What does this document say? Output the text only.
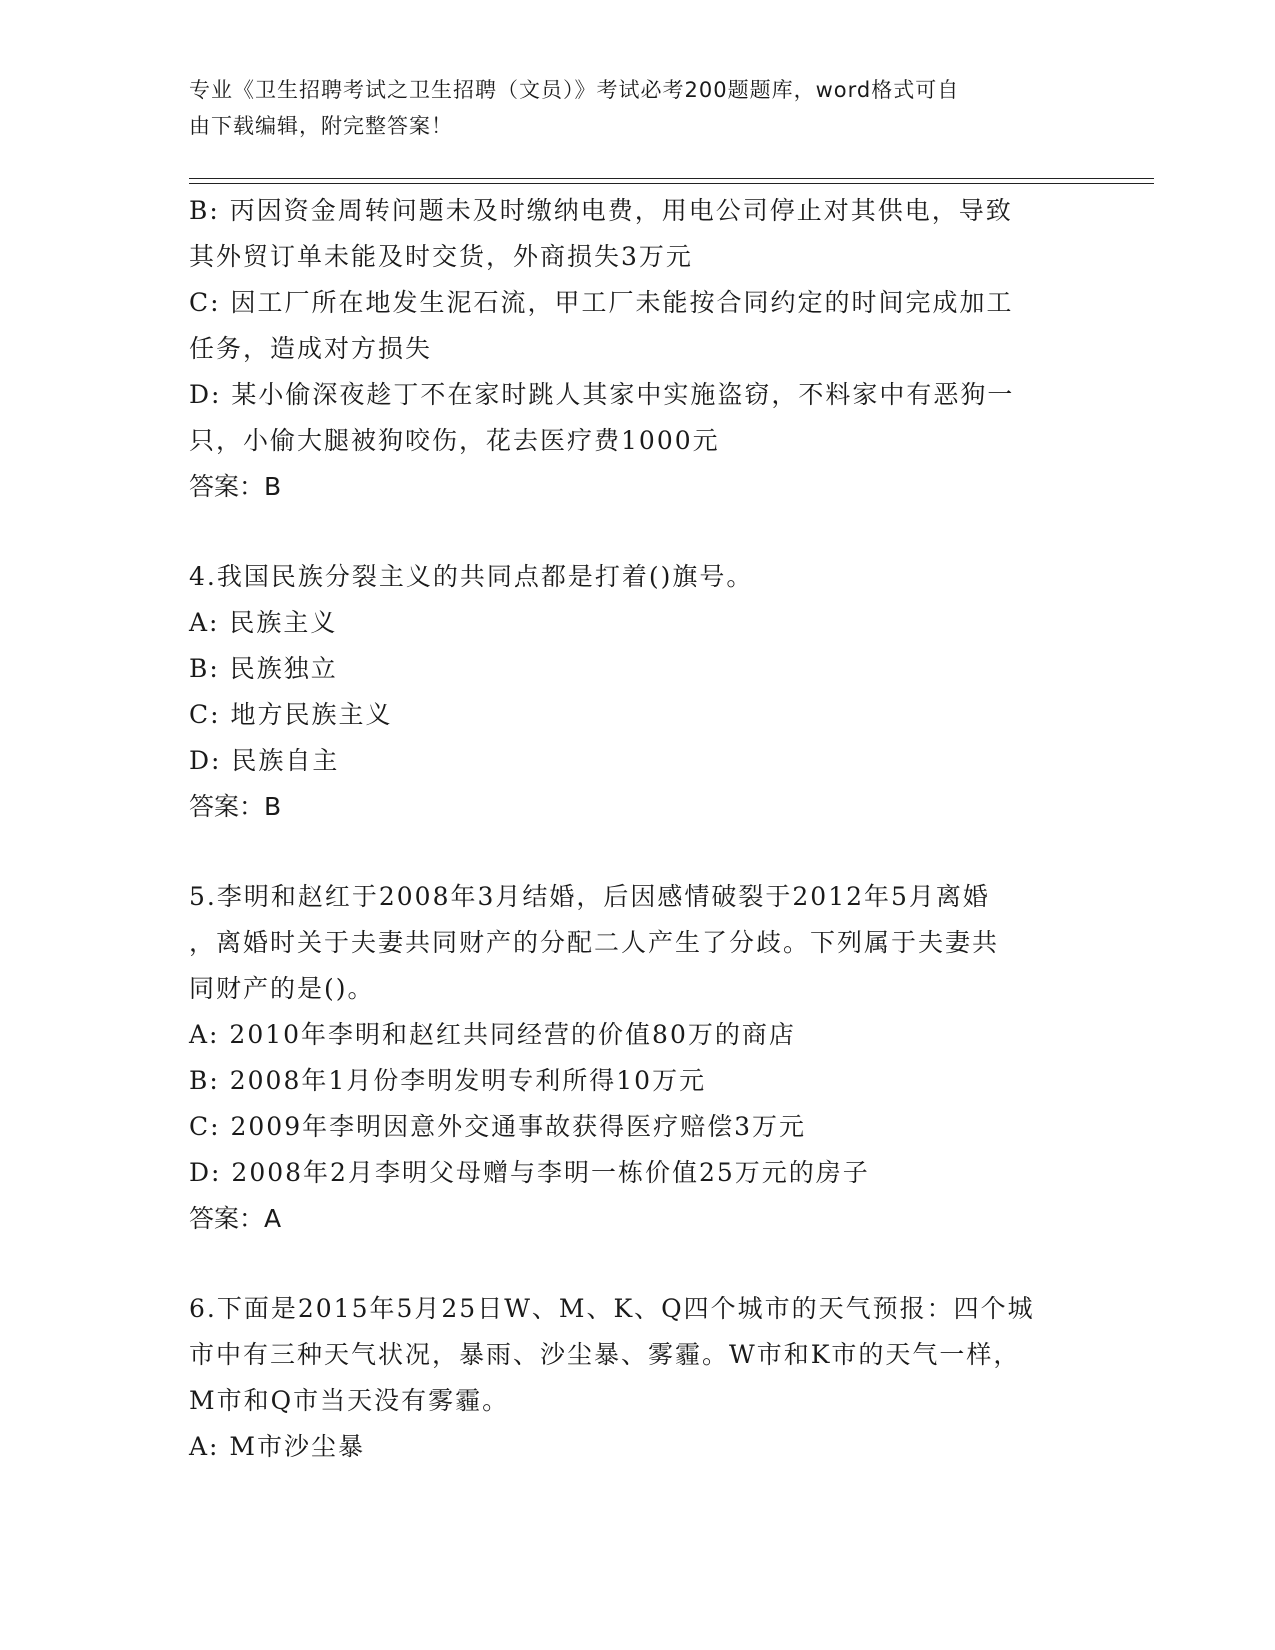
专业《卫生招聘考试之卫生招聘（文员）》考试必考200题题库，word格式可自
由下载编辑，附完整答案！
B: 丙因资金周转问题未及时缴纳电费，用电公司停止对其供电，导致
其外贸订单未能及时交货，外商损失3万元
C: 因工厂所在地发生泥石流，甲工厂未能按合同约定的时间完成加工
任务，造成对方损失
D: 某小偷深夜趁丁不在家时跳人其家中实施盗窃，不料家中有恶狗一
只，小偷大腿被狗咬伤，花去医疗费1000元
答案：B
4.我国民族分裂主义的共同点都是打着()旗号。
A: 民族主义
B: 民族独立
C: 地方民族主义
D: 民族自主
答案：B
5.李明和赵红于2008年3月结婚，后因感情破裂于2012年5月离婚
，离婚时关于夫妻共同财产的分配二人产生了分歧。下列属于夫妻共
同财产的是()。
A: 2010年李明和赵红共同经营的价值80万的商店
B: 2008年1月份李明发明专利所得10万元
C: 2009年李明因意外交通事故获得医疗赔偿3万元
D: 2008年2月李明父母赠与李明一栋价值25万元的房子
答案：A
6.下面是2015年5月25日W、M、K、Q四个城市的天气预报：四个城
市中有三种天气状况，暴雨、沙尘暴、雾霾。W市和K市的天气一样，
M市和Q市当天没有雾霾。
A: M市沙尘暴
